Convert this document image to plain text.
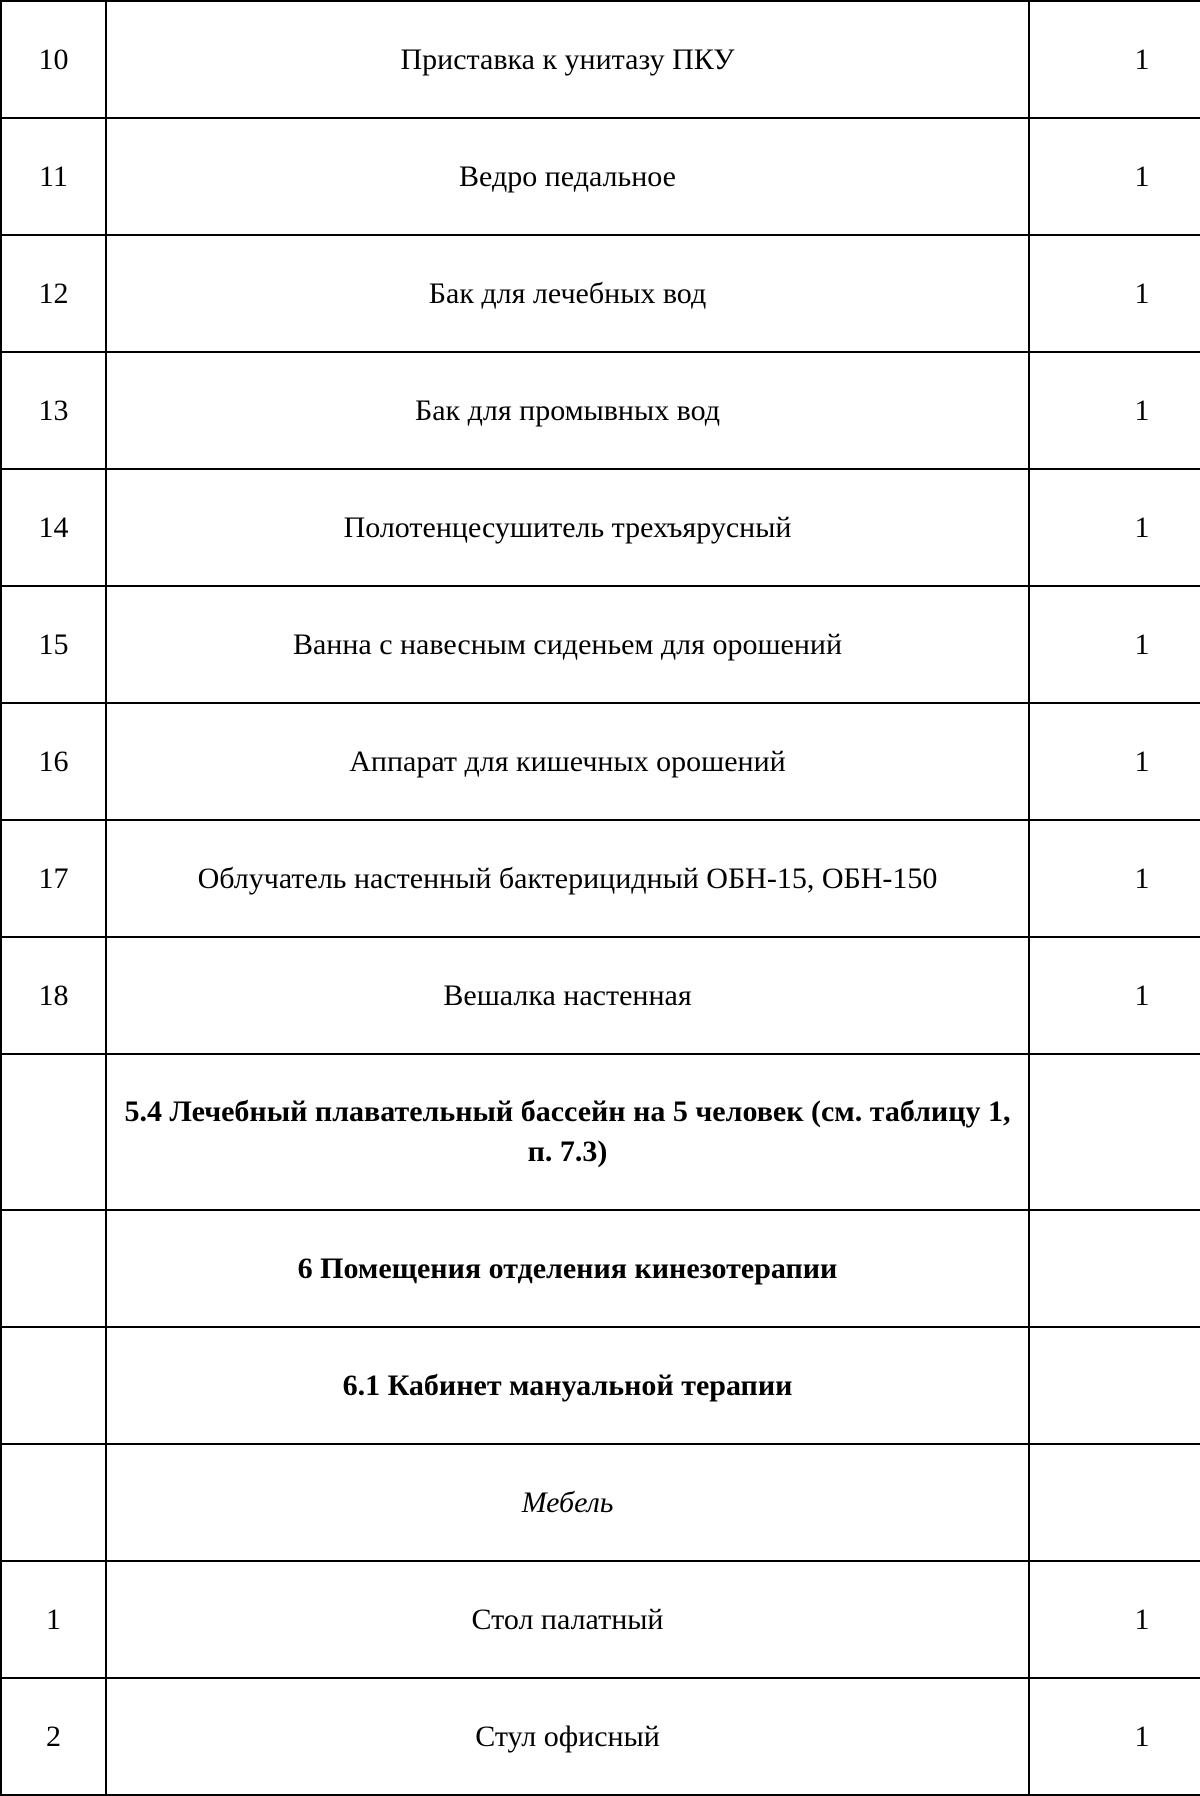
10	Приставка к унитазу ПКУ	1
11	Ведро педальное	1
12	Бак для лечебных вод	1
13	Бак для промывных вод	1
14	Полотенцесушитель трехъярусный	1
15	Ванна с навесным сиденьем для орошений	1
16	Аппарат для кишечных орошений	1
17	Облучатель настенный бактерицидный ОБН-15, ОБН-150	1
18	Вешалка настенная	1
	5.4 Лечебный плавательный бассейн на 5 человек (см. таблицу 1, п. 7.3)	
	6 Помещения отделения кинезотерапии	
	6.1 Кабинет мануальной терапии	
	Мебель	
1	Стол палатный	1
2	Стул офисный	1
